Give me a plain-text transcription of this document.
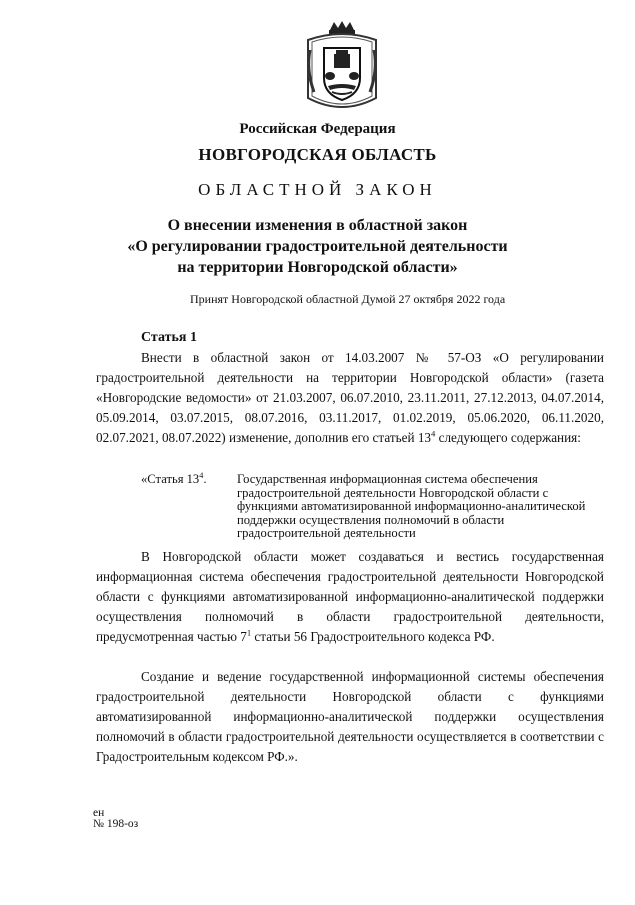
Российская Федерация
НОВГОРОДСКАЯ ОБЛАСТЬ
ОБЛАСТНОЙ ЗАКОН
О внесении изменения в областной закон
«О регулировании градостроительной деятельности
на территории Новгородской области»
Принят Новгородской областной Думой 27 октября 2022 года
Статья 1
Внести в областной закон от 14.03.2007 № 57-ОЗ «О регулировании градостроительной деятельности на территории Новгородской области» (газета «Новгородские ведомости» от 21.03.2007, 06.07.2010, 23.11.2011, 27.12.2013, 04.07.2014, 05.09.2014, 03.07.2015, 08.07.2016, 03.11.2017, 01.02.2019, 05.06.2020, 06.11.2020, 02.07.2021, 08.07.2022) изменение, дополнив его статьей $13^4$ следующего содержания:
«Статья $13^4$. Государственная информационная система обеспечения градостроительной деятельности Новгородской области с функциями автоматизированной информационно-аналитической поддержки осуществления полномочий в области градостроительной деятельности
В Новгородской области может создаваться и вестись государственная информационная система обеспечения градостроительной деятельности Новгородской области с функциями автоматизированной информационно-аналитической поддержки осуществления полномочий в области градостроительной деятельности, предусмотренная частью $7^1$ статьи 56 Градостроительного кодекса РФ.
Создание и ведение государственной информационной системы обеспечения градостроительной деятельности Новгородской области с функциями автоматизированной информационно-аналитической поддержки осуществления полномочий в области градостроительной деятельности осуществляется в соответствии с Градостроительным кодексом РФ.».
ен
№ 198-оз
